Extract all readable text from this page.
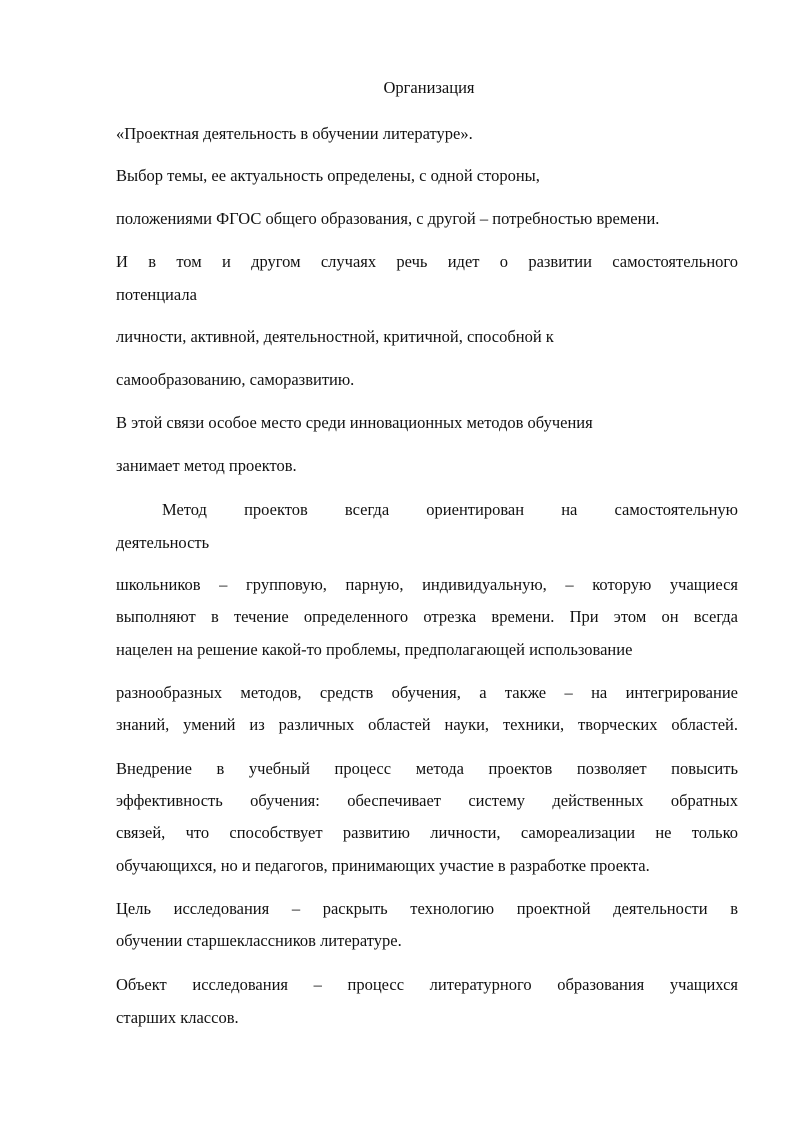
Организация
«Проектная деятельность в обучении литературе».
Выбор темы, ее актуальность определены, с одной стороны,
положениями ФГОС общего образования, с другой – потребностью времени.
И в том и другом случаях речь идет о развитии самостоятельного
потенциала
личности, активной, деятельностной, критичной, способной к
самообразованию, саморазвитию.
В этой связи особое место среди инновационных методов обучения
занимает метод проектов.
Метод проектов всегда ориентирован на самостоятельную
деятельность
школьников – групповую, парную, индивидуальную, – которую учащиеся
выполняют в течение определенного отрезка времени. При этом он всегда
нацелен на решение какой-то проблемы, предполагающей использование
разнообразных методов, средств обучения, а также – на интегрирование
знаний, умений из различных областей науки, техники, творческих областей.
Внедрение в учебный процесс метода проектов позволяет повысить
эффективность обучения: обеспечивает систему действенных обратных
связей, что способствует развитию личности, самореализации не только
обучающихся, но и педагогов, принимающих участие в разработке проекта.
Цель исследования – раскрыть технологию проектной деятельности в
обучении старшеклассников литературе.
Объект исследования – процесс литературного образования учащихся
старших классов.
